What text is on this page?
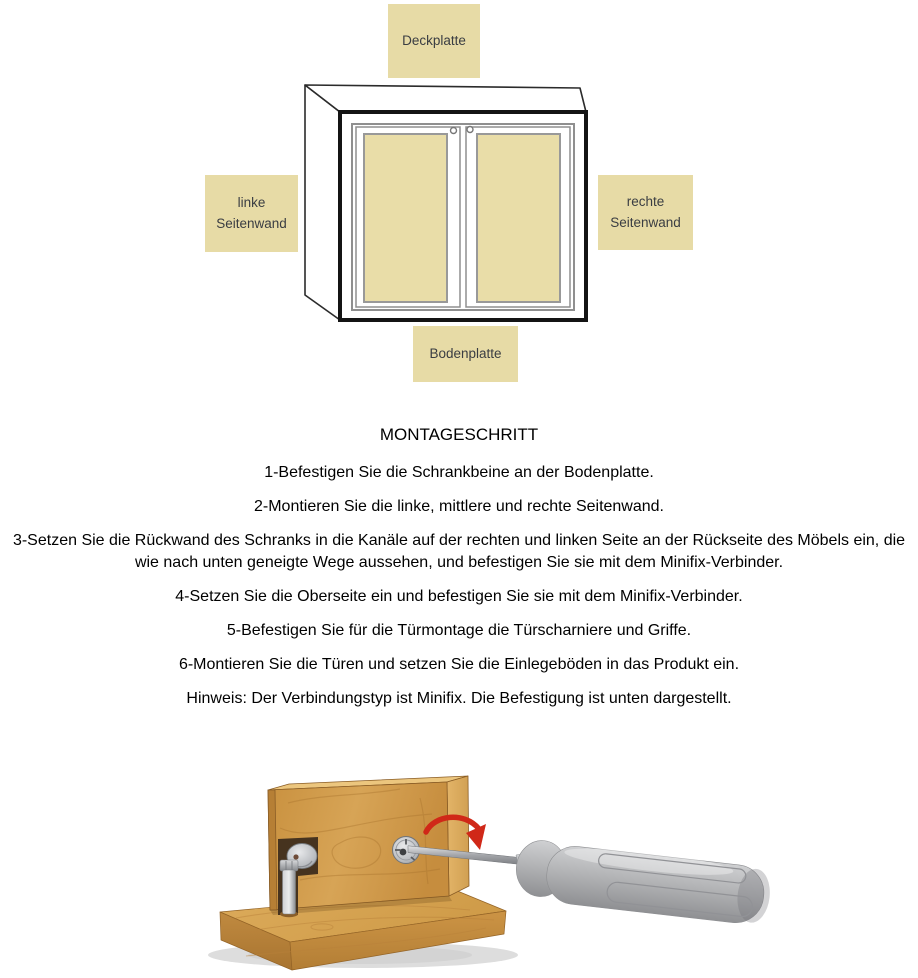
Deckplatte
linke Seitenwand
rechte Seitenwand
Bodenplatte
MONTAGESCHRITT

1-Befestigen Sie die Schrankbeine an der Bodenplatte.

2-Montieren Sie die linke, mittlere und rechte Seitenwand.

3-Setzen Sie die Rückwand des Schranks in die Kanäle auf der rechten und linken Seite an der Rückseite des Möbels ein, die wie nach unten geneigte Wege aussehen, und befestigen Sie sie mit dem Minifix-Verbinder.

4-Setzen Sie die Oberseite ein und befestigen Sie sie mit dem Minifix-Verbinder.

5-Befestigen Sie für die Türmontage die Türscharniere und Griffe.

6-Montieren Sie die Türen und setzen Sie die Einlegeböden in das Produkt ein.

Hinweis: Der Verbindungstyp ist Minifix. Die Befestigung ist unten dargestellt.
